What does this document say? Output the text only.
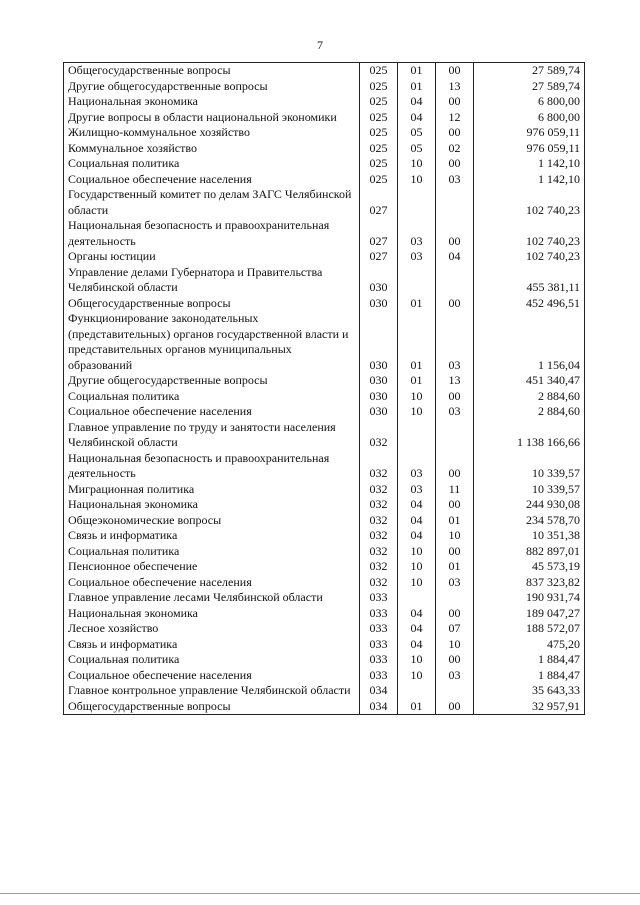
7
Общегосударственные вопросы	025	01	00	27 589,74
Другие общегосударственные вопросы	025	01	13	27 589,74
Национальная экономика	025	04	00	6 800,00
Другие вопросы в области национальной экономики	025	04	12	6 800,00
Жилищно-коммунальное хозяйство	025	05	00	976 059,11
Коммунальное хозяйство	025	05	02	976 059,11
Социальная политика	025	10	00	1 142,10
Социальное обеспечение населения	025	10	03	1 142,10
Государственный комитет по делам ЗАГС Челябинской области	027			102 740,23
Национальная безопасность и правоохранительная деятельность	027	03	00	102 740,23
Органы юстиции	027	03	04	102 740,23
Управление делами Губернатора и Правительства Челябинской области	030			455 381,11
Общегосударственные вопросы	030	01	00	452 496,51
Функционирование законодательных (представительных) органов государственной власти и представительных органов муниципальных образований	030	01	03	1 156,04
Другие общегосударственные вопросы	030	01	13	451 340,47
Социальная политика	030	10	00	2 884,60
Социальное обеспечение населения	030	10	03	2 884,60
Главное управление по труду и занятости населения Челябинской области	032			1 138 166,66
Национальная безопасность и правоохранительная деятельность	032	03	00	10 339,57
Миграционная политика	032	03	11	10 339,57
Национальная экономика	032	04	00	244 930,08
Общеэкономические вопросы	032	04	01	234 578,70
Связь и информатика	032	04	10	10 351,38
Социальная политика	032	10	00	882 897,01
Пенсионное обеспечение	032	10	01	45 573,19
Социальное обеспечение населения	032	10	03	837 323,82
Главное управление лесами Челябинской области	033			190 931,74
Национальная экономика	033	04	00	189 047,27
Лесное хозяйство	033	04	07	188 572,07
Связь и информатика	033	04	10	475,20
Социальная политика	033	10	00	1 884,47
Социальное обеспечение населения	033	10	03	1 884,47
Главное контрольное управление Челябинской области	034			35 643,33
Общегосударственные вопросы	034	01	00	32 957,91
